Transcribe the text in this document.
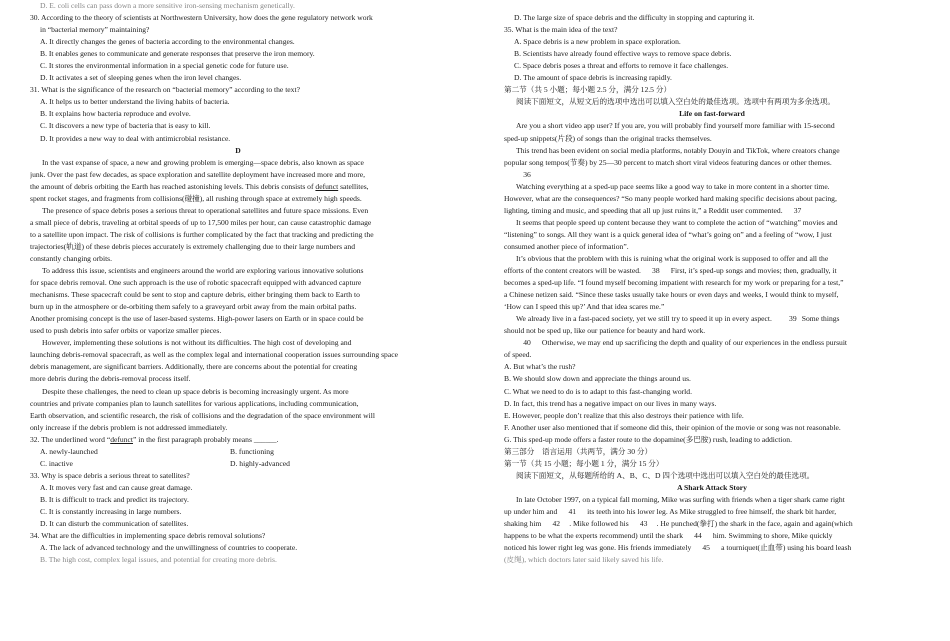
D. E. coli cells can pass down a more sensitive iron-sensing mechanism genetically.
30. According to the theory of scientists at Northwestern University, how does the gene regulatory network work
in “bacterial memory” maintaining?
A. It directly changes the genes of bacteria according to the environmental changes.
B. It enables genes to communicate and generate responses that preserve the iron memory.
C. It stores the environmental information in a special genetic code for future use.
D. It activates a set of sleeping genes when the iron level changes.
31. What is the significance of the research on “bacterial memory” according to the text?
A. It helps us to better understand the living habits of bacteria.
B. It explains how bacteria reproduce and evolve.
C. It discovers a new type of bacteria that is easy to kill.
D. It provides a new way to deal with antimicrobial resistance.
D
In the vast expanse of space, a new and growing problem is emerging—space debris, also known as space
junk. Over the past few decades, as space exploration and satellite deployment have increased more and more,
the amount of debris orbiting the Earth has reached astonishing levels. This debris consists of defunct satellites,
spent rocket stages, and fragments from collisions(碰撞), all rushing through space at extremely high speeds.
The presence of space debris poses a serious threat to operational satellites and future space missions. Even
a small piece of debris, traveling at orbital speeds of up to 17,500 miles per hour, can cause catastrophic damage
to a satellite upon impact. The risk of collisions is further complicated by the fact that tracking and predicting the
trajectories(轨道) of these debris pieces accurately is extremely challenging due to their large numbers and
constantly changing orbits.
To address this issue, scientists and engineers around the world are exploring various innovative solutions
for space debris removal. One such approach is the use of robotic spacecraft equipped with advanced capture
mechanisms. These spacecraft could be sent to stop and capture debris, either bringing them back to Earth to
burn up in the atmosphere or de-orbiting them safely to a graveyard orbit away from the main orbital paths.
Another promising concept is the use of laser-based systems. High-power lasers on Earth or in space could be
used to push debris into safer orbits or vaporize smaller pieces.
However, implementing these solutions is not without its difficulties. The high cost of developing and
launching debris-removal spacecraft, as well as the complex legal and international cooperation issues surrounding space
debris management, are significant barriers. Additionally, there are concerns about the potential for creating
more debris during the debris-removal process itself.
Despite these challenges, the need to clean up space debris is becoming increasingly urgent. As more
countries and private companies plan to launch satellites for various applications, including communication,
Earth observation, and scientific research, the risk of collisions and the degradation of the space environment will
only increase if the debris problem is not addressed immediately.
32. The underlined word “defunct” in the first paragraph probably means ______.
A. newly-launched	B. functioning
C. inactive	D. highly-advanced
33. Why is space debris a serious threat to satellites?
A. It moves very fast and can cause great damage.
B. It is difficult to track and predict its trajectory.
C. It is constantly increasing in large numbers.
D. It can disturb the communication of satellites.
34. What are the difficulties in implementing space debris removal solutions?
A. The lack of advanced technology and the unwillingness of countries to cooperate.
B. The high cost, complex legal issues, and potential for creating more debris.
D. The large size of space debris and the difficulty in stopping and capturing it.
35. What is the main idea of the text?
A. Space debris is a new problem in space exploration.
B. Scientists have already found effective ways to remove space debris.
C. Space debris poses a threat and efforts to remove it face challenges.
D. The amount of space debris is increasing rapidly.
第二节（共 5 小题；每小题 2.5 分，满分 12.5 分）
阅读下面短文，从短文后的选项中选出可以填入空白处的最佳选项。选项中有两项为多余选项。
Life on fast-forward
Are you a short video app user? If you are, you will probably find yourself more familiar with 15-second
sped-up snippets(片段) of songs than the original tracks themselves.
This trend has been evident on social media platforms, notably Douyin and TikTok, where creators change
popular song tempos(节奏) by 25—30 percent to match short viral videos featuring dances or other themes.
36
Watching everything at a sped-up pace seems like a good way to take in more content in a shorter time.
However, what are the consequences? “So many people worked hard making specific decisions about pacing,
lighting, timing and music, and speeding that all up just ruins it,” a Reddit user commented. 37
It seems that people speed up content because they want to complete the action of “watching” movies and
“listening” to songs. All they want is a quick general idea of “what’s going on” and a feeling of “wow, I just
consumed another piece of information”.
It’s obvious that the problem with this is ruining what the original work is supposed to offer and all the
efforts of the content creators will be wasted. 38 First, it’s sped-up songs and movies; then, gradually, it
becomes a sped-up life. “I found myself becoming impatient with research for my work or preparing for a test,”
a Chinese netizen said. “Since these tasks usually take hours or even days and weeks, I would think to myself,
‘How can I speed this up?’ And that idea scares me.”
We already live in a fast-paced society, yet we still try to speed it up in every aspect. 39 Some things
should not be sped up, like our patience for beauty and hard work.
40 Otherwise, we may end up sacrificing the depth and quality of our experiences in the endless pursuit
of speed.
A. But what’s the rush?
B. We should slow down and appreciate the things around us.
C. What we need to do is to adapt to this fast-changing world.
D. In fact, this trend has a negative impact on our lives in many ways.
E. However, people don’t realize that this also destroys their patience with life.
F. Another user also mentioned that if someone did this, their opinion of the movie or song was not reasonable.
G. This sped-up mode offers a faster route to the dopamine(多巴胺) rush, leading to addiction.
第三部分　语言运用（共两节，满分 30 分）
第一节（共 15 小题；每小题 1 分，满分 15 分）
阅读下面短文，从每题所给的 A、B、C、D 四个选项中选出可以填入空白处的最佳选项。
A Shark Attack Story
In late October 1997, on a typical fall morning, Mike was surfing with friends when a tiger shark came right
up under him and 41 its teeth into his lower leg. As Mike struggled to free himself, the shark bit harder,
shaking him 42 . Mike followed his 43 . He punched(拳打) the shark in the face, again and again(which
happens to be what the experts recommend) until the shark 44 him. Swimming to shore, Mike quickly
noticed his lower right leg was gone. His friends immediately 45 a tourniquet(止血带) using his board leash
(皮绳), which doctors later said likely saved his life.
